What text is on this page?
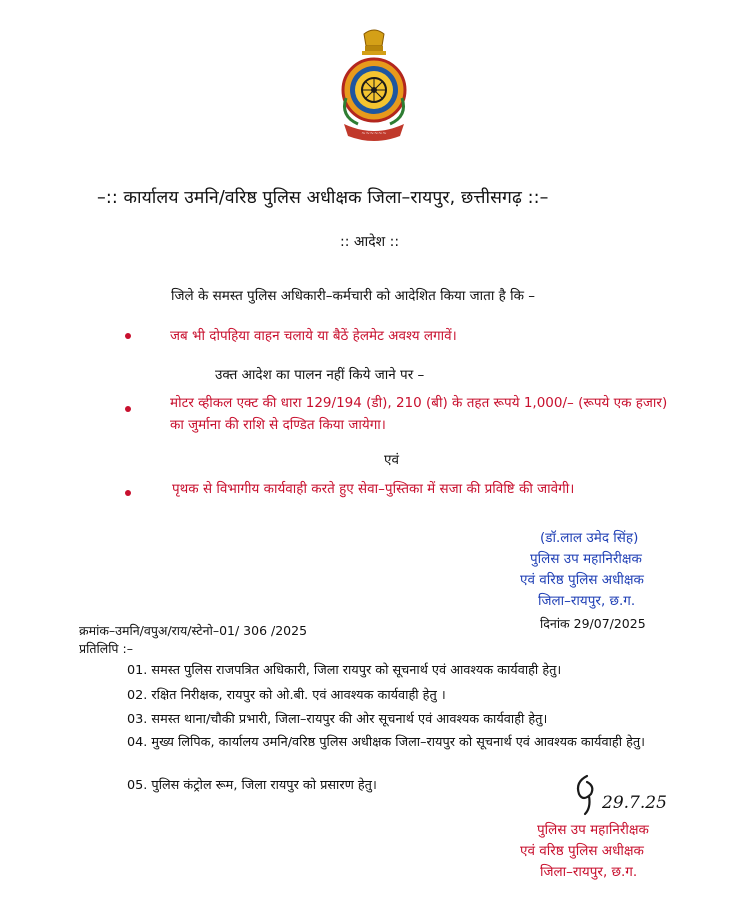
~~~~~~
–:: कार्यालय उमनि/वरिष्ठ पुलिस अधीक्षक जिला–रायपुर, छत्तीसगढ़ ::–
:: आदेश ::
जिले के समस्त पुलिस अधिकारी–कर्मचारी को आदेशित किया जाता है कि –
जब भी दोपहिया वाहन चलाये या बैठें हेलमेट अवश्य लगावें।
उक्त आदेश का पालन नहीं किये जाने पर –
मोटर व्हीकल एक्ट की धारा 129/194 (डी), 210 (बी) के तहत रूपये 1,000/– (रूपये एक हजार) का जुर्माना की राशि से दण्डित किया जायेगा।
एवं
पृथक से विभागीय कार्यवाही करते हुए सेवा–पुस्तिका में सजा की प्रविष्टि की जावेगी।
(डॉ.लाल उमेद सिंह)
पुलिस उप महानिरीक्षक
एवं वरिष्ठ पुलिस अधीक्षक
जिला–रायपुर, छ.ग.
क्रमांक–उमनि/वपुअ/राय/स्टेनो–01/ 306 /2025	दिनांक 29/07/2025
प्रतिलिपि :–
01. समस्त पुलिस राजपत्रित अधिकारी, जिला रायपुर को सूचनार्थ एवं आवश्यक कार्यवाही हेतु।
02. रक्षित निरीक्षक, रायपुर को ओ.बी. एवं आवश्यक कार्यवाही हेतु ।
03. समस्त थाना/चौकी प्रभारी, जिला–रायपुर की ओर सूचनार्थ एवं आवश्यक कार्यवाही हेतु।
04. मुख्य लिपिक, कार्यालय उमनि/वरिष्ठ पुलिस अधीक्षक जिला–रायपुर को सूचनार्थ एवं आवश्यक कार्यवाही हेतु।
05. पुलिस कंट्रोल रूम, जिला रायपुर को प्रसारण हेतु।
29.7.25
पुलिस उप महानिरीक्षक
एवं वरिष्ठ पुलिस अधीक्षक
जिला–रायपुर, छ.ग.
